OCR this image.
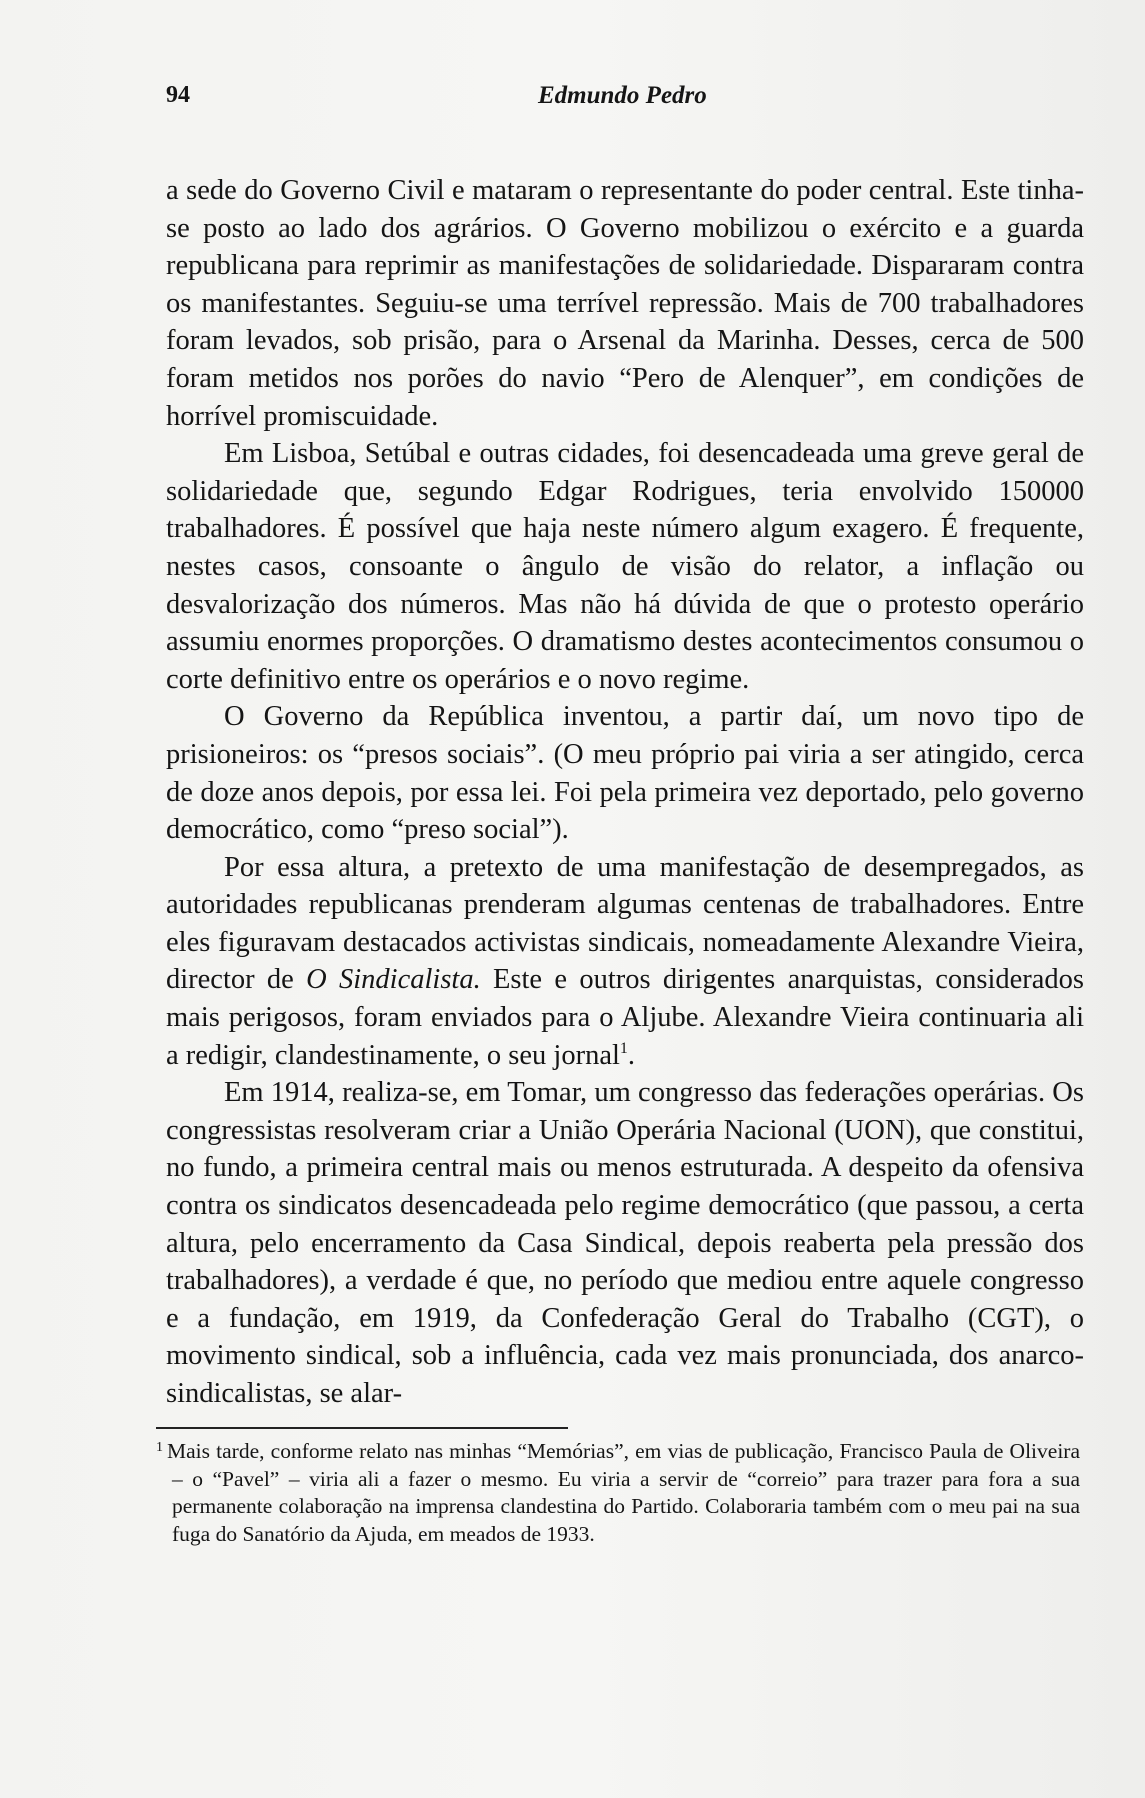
94	Edmundo Pedro

a sede do Governo Civil e mataram o representante do poder central. Este tinha-se posto ao lado dos agrários. O Governo mobilizou o exército e a guarda republicana para reprimir as manifestações de solidariedade. Dispararam contra os manifestantes. Seguiu-se uma terrível repressão. Mais de 700 trabalhadores foram levados, sob prisão, para o Arsenal da Marinha. Desses, cerca de 500 foram metidos nos porões do navio “Pero de Alenquer”, em condições de horrível promiscuidade.

Em Lisboa, Setúbal e outras cidades, foi desencadeada uma greve geral de solidariedade que, segundo Edgar Rodrigues, teria envolvido 150000 trabalhadores. É possível que haja neste número algum exagero. É frequente, nestes casos, consoante o ângulo de visão do relator, a inflação ou desvalorização dos números. Mas não há dúvida de que o protesto operário assumiu enormes proporções. O dramatismo destes acontecimentos consumou o corte definitivo entre os operários e o novo regime.

O Governo da República inventou, a partir daí, um novo tipo de prisioneiros: os “presos sociais”. (O meu próprio pai viria a ser atingido, cerca de doze anos depois, por essa lei. Foi pela primeira vez deportado, pelo governo democrático, como “preso social”).

Por essa altura, a pretexto de uma manifestação de desempregados, as autoridades republicanas prenderam algumas centenas de trabalhadores. Entre eles figuravam destacados activistas sindicais, nomeadamente Alexandre Vieira, director de O Sindicalista. Este e outros dirigentes anarquistas, considerados mais perigosos, foram enviados para o Aljube. Alexandre Vieira continuaria ali a redigir, clandestinamente, o seu jornal$^1$.

Em 1914, realiza-se, em Tomar, um congresso das federações operárias. Os congressistas resolveram criar a União Operária Nacional (UON), que constitui, no fundo, a primeira central mais ou menos estruturada. A despeito da ofensiva contra os sindicatos desencadeada pelo regime democrático (que passou, a certa altura, pelo encerramento da Casa Sindical, depois reaberta pela pressão dos trabalhadores), a verdade é que, no período que mediou entre aquele congresso e a fundação, em 1919, da Confederação Geral do Trabalho (CGT), o movimento sindical, sob a influência, cada vez mais pronunciada, dos anarco-sindicalistas, se alar-

$^1$ Mais tarde, conforme relato nas minhas “Memórias”, em vias de publicação, Francisco Paula de Oliveira – o “Pavel” – viria ali a fazer o mesmo. Eu viria a servir de “correio” para trazer para fora a sua permanente colaboração na imprensa clandestina do Partido. Colaboraria também com o meu pai na sua fuga do Sanatório da Ajuda, em meados de 1933.
